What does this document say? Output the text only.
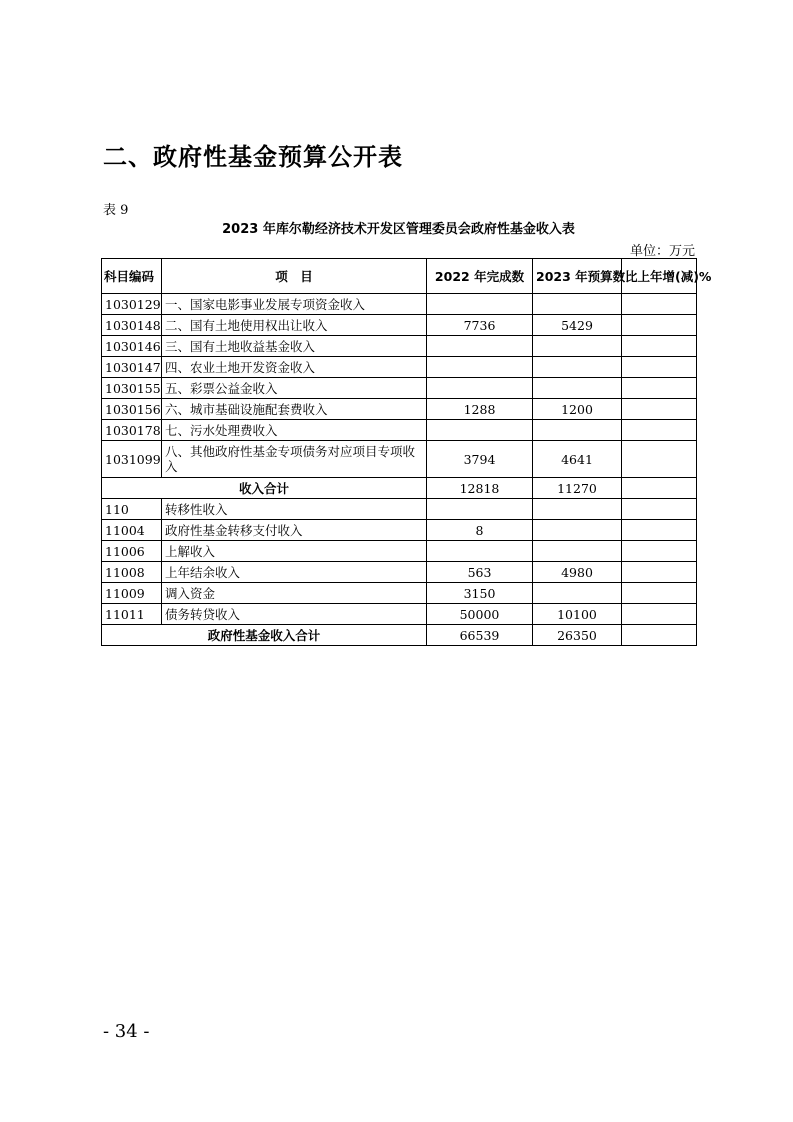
二、政府性基金预算公开表
表 9
2023 年库尔勒经济技术开发区管理委员会政府性基金收入表
单位：万元
科目编码	项　目	2022 年完成数	2023 年预算数	比上年增(减)%
1030129	一、国家电影事业发展专项资金收入			
1030148	二、国有土地使用权出让收入	7736	5429	
1030146	三、国有土地收益基金收入			
1030147	四、农业土地开发资金收入			
1030155	五、彩票公益金收入			
1030156	六、城市基础设施配套费收入	1288	1200	
1030178	七、污水处理费收入			
1031099	八、其他政府性基金专项债务对应项目专项收入	3794	4641	
收入合计		12818	11270	
110	转移性收入			
11004	政府性基金转移支付收入	8		
11006	上解收入			
11008	上年结余收入	563	4980	
11009	调入资金	3150		
11011	债务转贷收入	50000	10100	
政府性基金收入合计		66539	26350	
- 34 -
